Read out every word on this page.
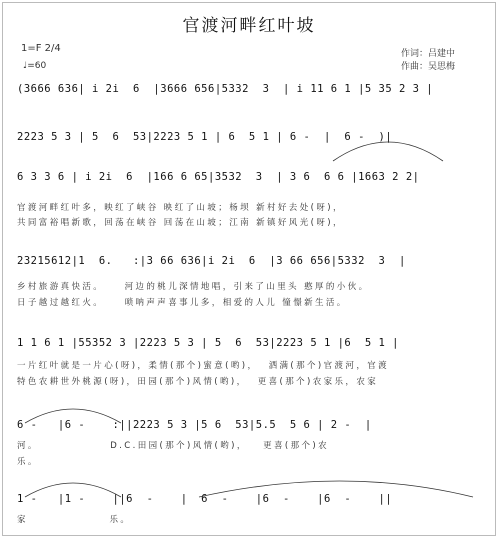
官渡河畔红叶坡
1=F 2/4
♩=60
作词：吕建中
作曲：吴思梅
(3666 636| i 2i  6  |3666 656|5332  3  | i 11 6 1 |5 35 2 3 |
2223 5 3 | 5  6  53|2223 5 1 | 6  5 1 | 6 -  |  6 -  )|
6 3 3 6 | i 2i  6  |166 6 65|3532  3  | 3 6  6 6 |1663 2 2|
官渡河畔红叶多，映红了峡谷 映红了山坡；杨坝 新村好去处(呀)，
共同富裕唱新歌，回荡在峡谷 回荡在山坡；江南 新镇好风光(呀)，
23215612|1  6.   :|3 66 636|i 2i  6  |3 66 656|5332  3  |
乡村旅游真快活。    河边的桃儿深情地唱，引来了山里头 憨厚的小伙。
日子越过越红火。    唢呐声声喜事儿多，相爱的人儿 憧憬新生活。
1 1 6 1 |55352 3 |2223 5 3 | 5  6  53|2223 5 1 |6  5 1 |
一片红叶就是一片心(呀)，柔情(那个)蜜意(哟)，  洒满(那个)官渡河，官渡
特色农耕世外桃源(呀)，田园(那个)风情(哟)，  更喜(那个)农家乐，农家
6 -   |6 -    :||2223 5 3 |5 6  53|5.5  5 6 | 2 -  |
河。              D.C.田园(那个)风情(哟)，   更喜(那个)农
乐。
1 -   |1 -    ||6  -    |  6  -    |6  -    |6  -    ||
家                乐。
